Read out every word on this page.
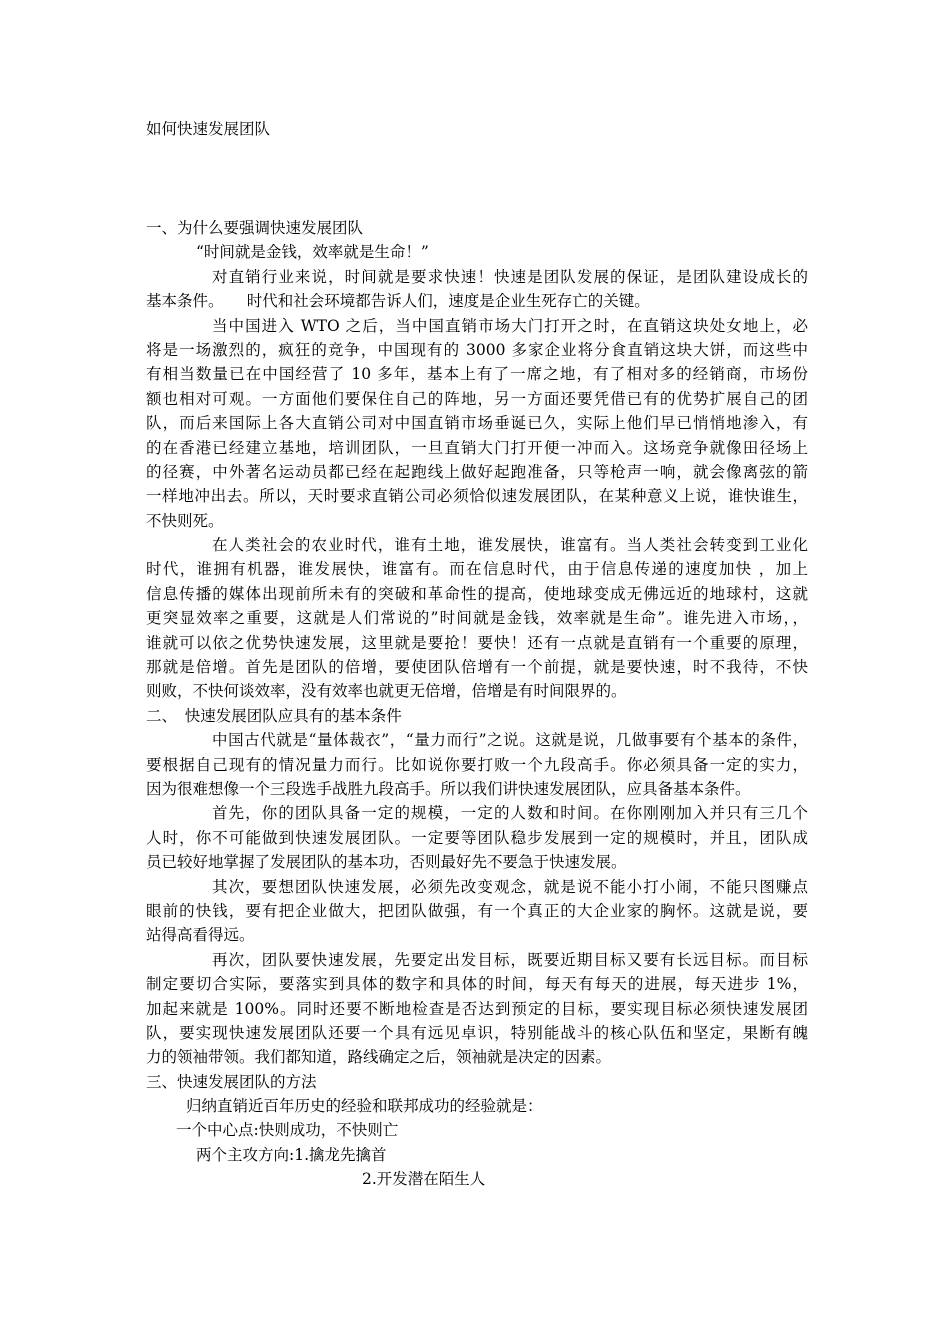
如何快速发展团队
一、为什么要强调快速发展团队
“时间就是金钱，效率就是生命！”
对直销行业来说，时间就是要求快速！快速是团队发展的保证，是团队建设成长的
基本条件。　　时代和社会环境都告诉人们，速度是企业生死存亡的关键。
当中国进入 WTO 之后，当中国直销市场大门打开之时，在直销这块处女地上，必
将是一场激烈的，疯狂的竞争，中国现有的 3000 多家企业将分食直销这块大饼，而这些中
有相当数量已在中国经营了 10 多年，基本上有了一席之地，有了相对多的经销商，市场份
额也相对可观。一方面他们要保住自己的阵地，另一方面还要凭借已有的优势扩展自己的团
队，而后来国际上各大直销公司对中国直销市场垂诞已久，实际上他们早已悄悄地渗入，有
的在香港已经建立基地，培训团队，一旦直销大门打开便一冲而入。这场竞争就像田径场上
的径赛，中外著名运动员都已经在起跑线上做好起跑准备，只等枪声一响，就会像离弦的箭
一样地冲出去。所以，天时要求直销公司必须恰似速发展团队，在某种意义上说，谁快谁生，
不快则死。
在人类社会的农业时代，谁有土地，谁发展快，谁富有。当人类社会转变到工业化
时代，谁拥有机器，谁发展快，谁富有。而在信息时代，由于信息传递的速度加快 ，加上
信息传播的媒体出现前所未有的突破和革命性的提高，使地球变成无佛远近的地球村，这就
更突显效率之重要，这就是人们常说的”时间就是金钱，效率就是生命”。谁先进入市场，，
谁就可以依之优势快速发展，这里就是要抢！要快！还有一点就是直销有一个重要的原理，
那就是倍增。首先是团队的倍增，要使团队倍增有一个前提，就是要快速，时不我待，不快
则败，不快何谈效率，没有效率也就更无倍增，倍增是有时间限界的。
二、　快速发展团队应具有的基本条件
中国古代就是“量体裁衣”，“量力而行”之说。这就是说，几做事要有个基本的条件，
要根据自己现有的情况量力而行。比如说你要打败一个九段高手。你必须具备一定的实力，
因为很难想像一个三段选手战胜九段高手。所以我们讲快速发展团队，应具备基本条件。
首先，你的团队具备一定的规模，一定的人数和时间。在你刚刚加入并只有三几个
人时，你不可能做到快速发展团队。一定要等团队稳步发展到一定的规模时，并且，团队成
员已较好地掌握了发展团队的基本功，否则最好先不要急于快速发展。
其次，要想团队快速发展，必须先改变观念，就是说不能小打小闹，不能只图赚点
眼前的快钱，要有把企业做大，把团队做强，有一个真正的大企业家的胸怀。这就是说，要
站得高看得远。
再次，团队要快速发展，先要定出发目标，既要近期目标又要有长远目标。而目标
制定要切合实际，要落实到具体的数字和具体的时间，每天有每天的进展，每天进步 1%，
加起来就是 100%。同时还要不断地检查是否达到预定的目标，要实现目标必须快速发展团
队，要实现快速发展团队还要一个具有远见卓识，特别能战斗的核心队伍和坚定，果断有魄
力的领袖带领。我们都知道，路线确定之后，领袖就是决定的因素。
三、快速发展团队的方法
归纳直销近百年历史的经验和联邦成功的经验就是：
一个中心点:快则成功，不快则亡
两个主攻方向:1.擒龙先擒首
2.开发潜在陌生人
